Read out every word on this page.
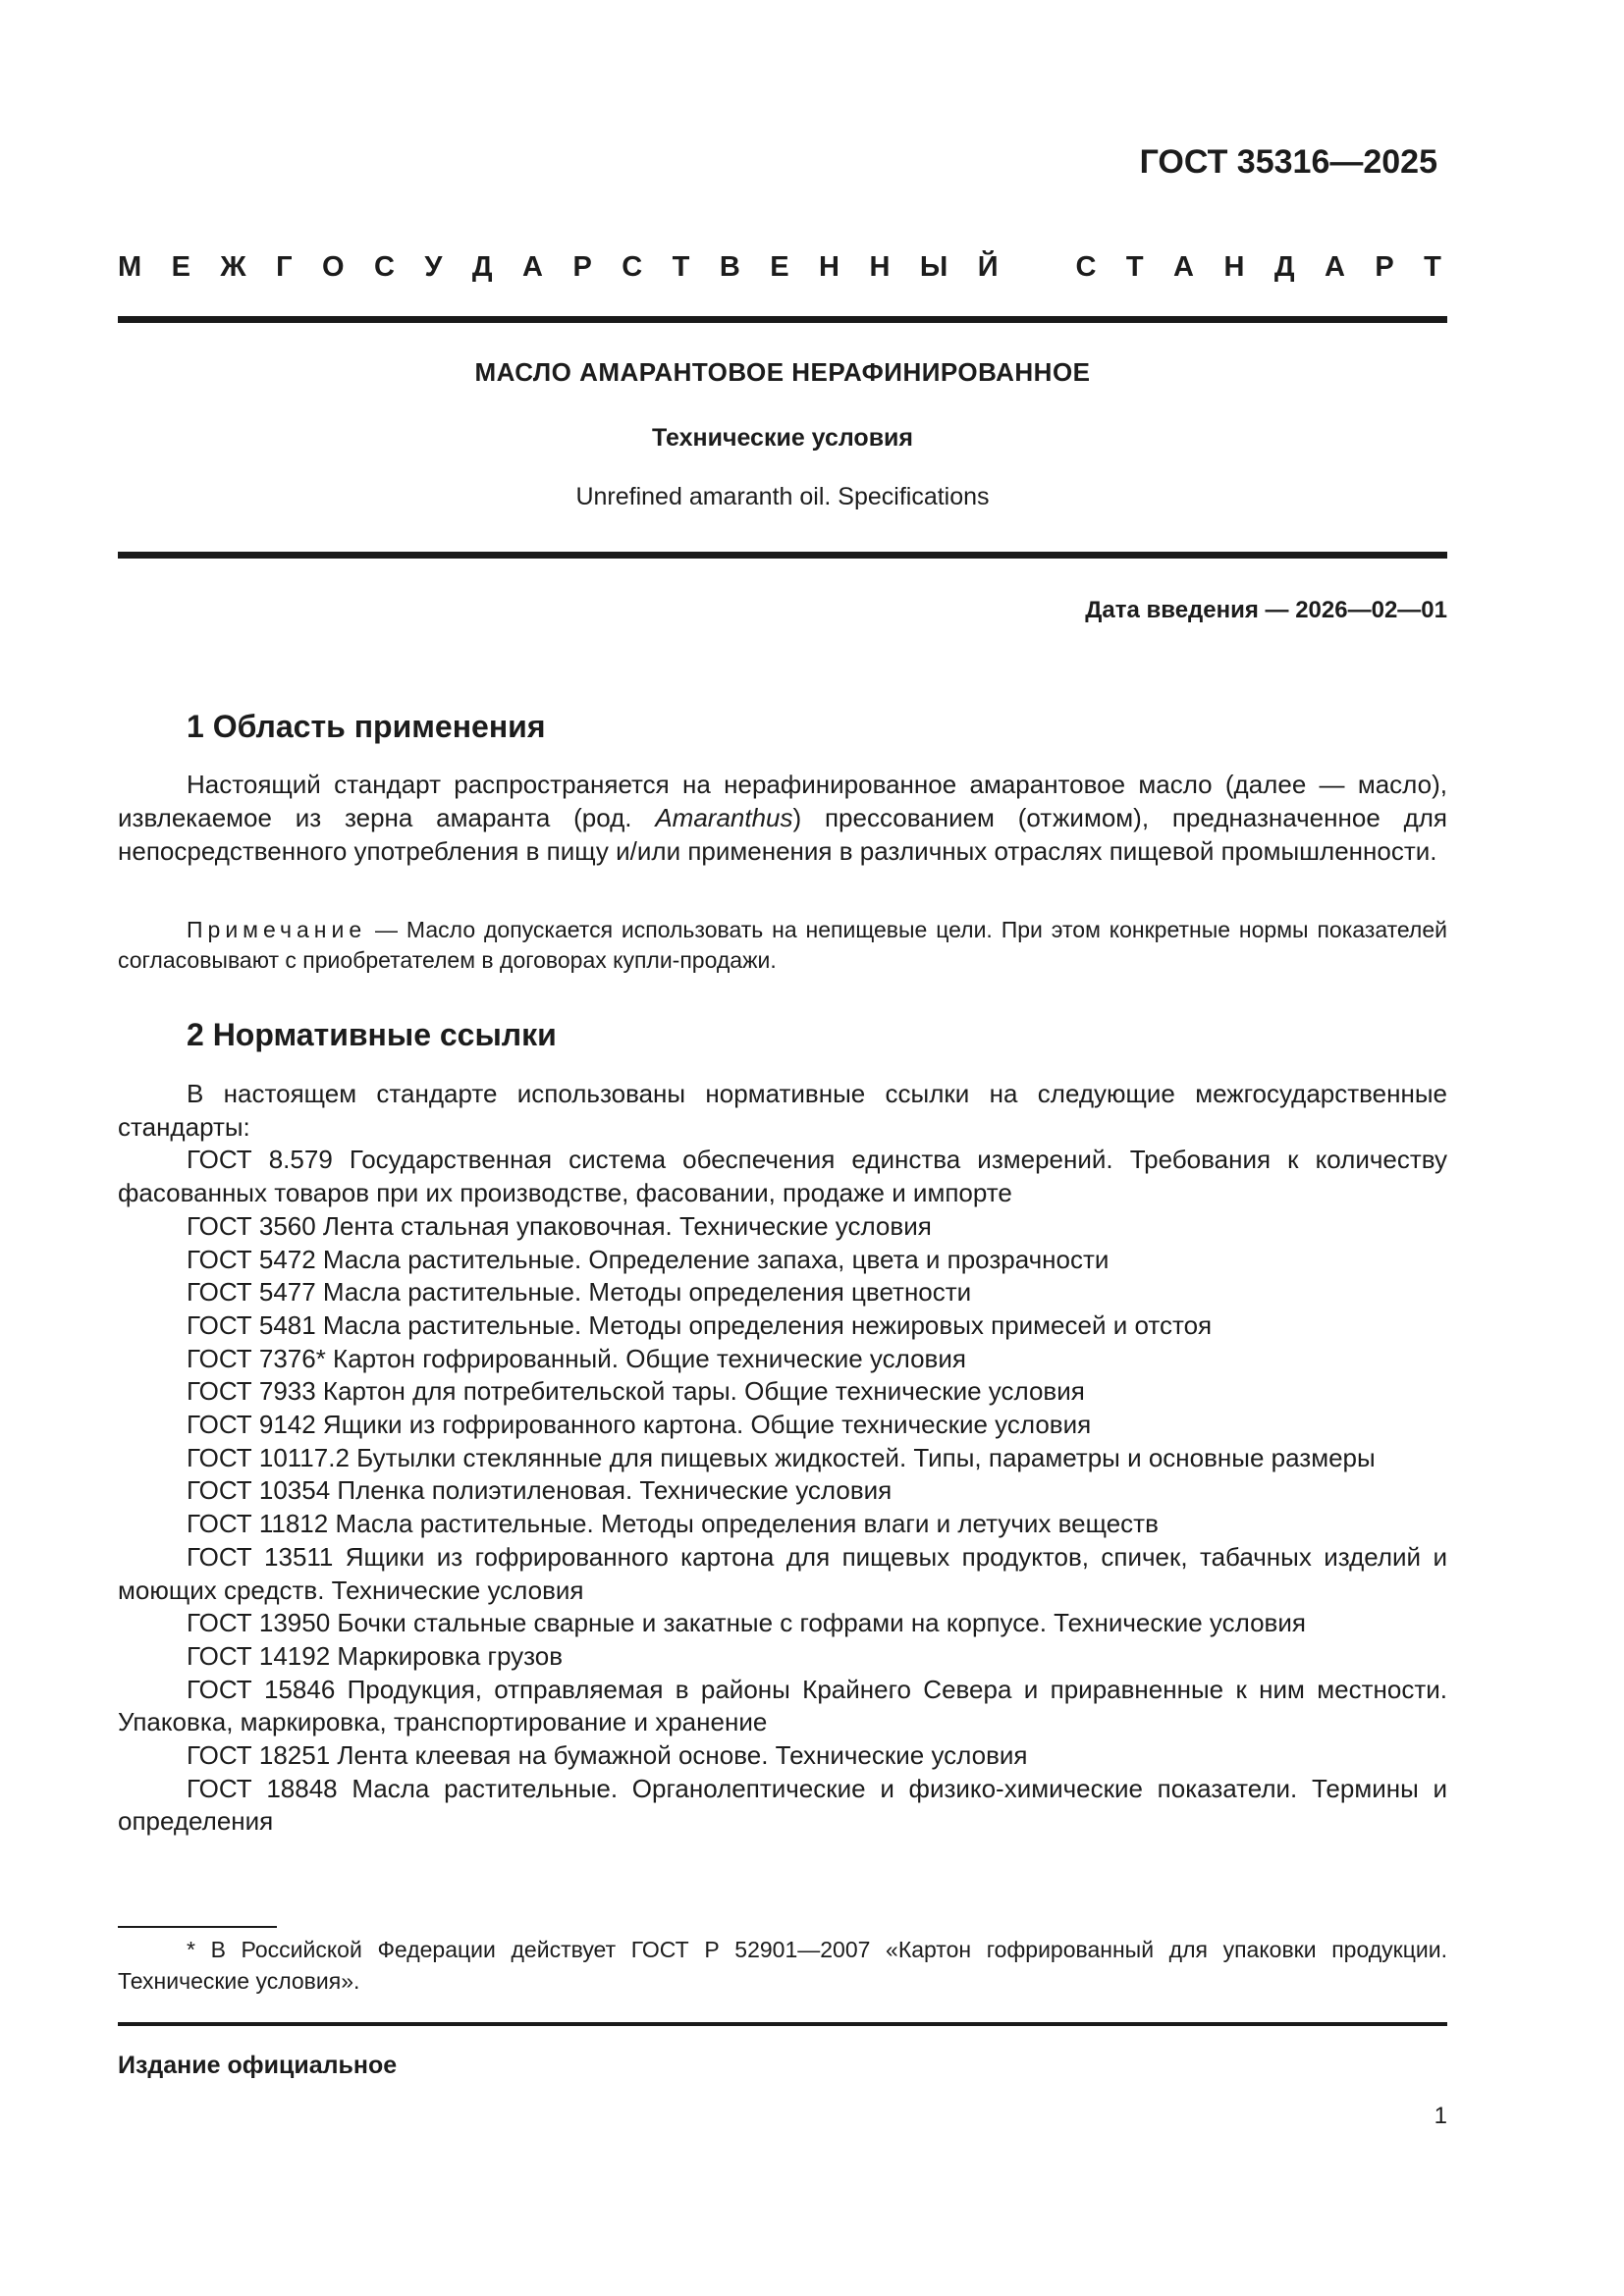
ГОСТ 35316—2025
М Е Ж Г О С У Д А Р С Т В Е Н Н Ы Й	С Т А Н Д А Р Т
МАСЛО АМАРАНТОВОЕ НЕРАФИНИРОВАННОЕ
Технические условия
Unrefined amaranth oil. Specifications
Дата введения — 2026—02—01
1 Область применения

Настоящий стандарт распространяется на нерафинированное амарантовое масло (далее — масло), извлекаемое из зерна амаранта (род. Amaranthus) прессованием (отжимом), предназначенное для непосредственного употребления в пищу и/или применения в различных отраслях пищевой промышленности.

Примечание — Масло допускается использовать на непищевые цели. При этом конкретные нормы показателей согласовывают с приобретателем в договорах купли-продажи.

2 Нормативные ссылки

В настоящем стандарте использованы нормативные ссылки на следующие межгосударственные стандарты:

ГОСТ 8.579 Государственная система обеспечения единства измерений. Требования к количеству фасованных товаров при их производстве, фасовании, продаже и импорте

ГОСТ 3560 Лента стальная упаковочная. Технические условия

ГОСТ 5472 Масла растительные. Определение запаха, цвета и прозрачности

ГОСТ 5477 Масла растительные. Методы определения цветности

ГОСТ 5481 Масла растительные. Методы определения нежировых примесей и отстоя

ГОСТ 7376* Картон гофрированный. Общие технические условия

ГОСТ 7933 Картон для потребительской тары. Общие технические условия

ГОСТ 9142 Ящики из гофрированного картона. Общие технические условия

ГОСТ 10117.2 Бутылки стеклянные для пищевых жидкостей. Типы, параметры и основные размеры

ГОСТ 10354 Пленка полиэтиленовая. Технические условия

ГОСТ 11812 Масла растительные. Методы определения влаги и летучих веществ

ГОСТ 13511 Ящики из гофрированного картона для пищевых продуктов, спичек, табачных изделий и моющих средств. Технические условия

ГОСТ 13950 Бочки стальные сварные и закатные с гофрами на корпусе. Технические условия

ГОСТ 14192 Маркировка грузов

ГОСТ 15846 Продукция, отправляемая в районы Крайнего Севера и приравненные к ним местности. Упаковка, маркировка, транспортирование и хранение

ГОСТ 18251 Лента клеевая на бумажной основе. Технические условия

ГОСТ 18848 Масла растительные. Органолептические и физико-химические показатели. Термины и определения

* В Российской Федерации действует ГОСТ Р 52901—2007 «Картон гофрированный для упаковки продукции. Технические условия».

Издание официальное
1
